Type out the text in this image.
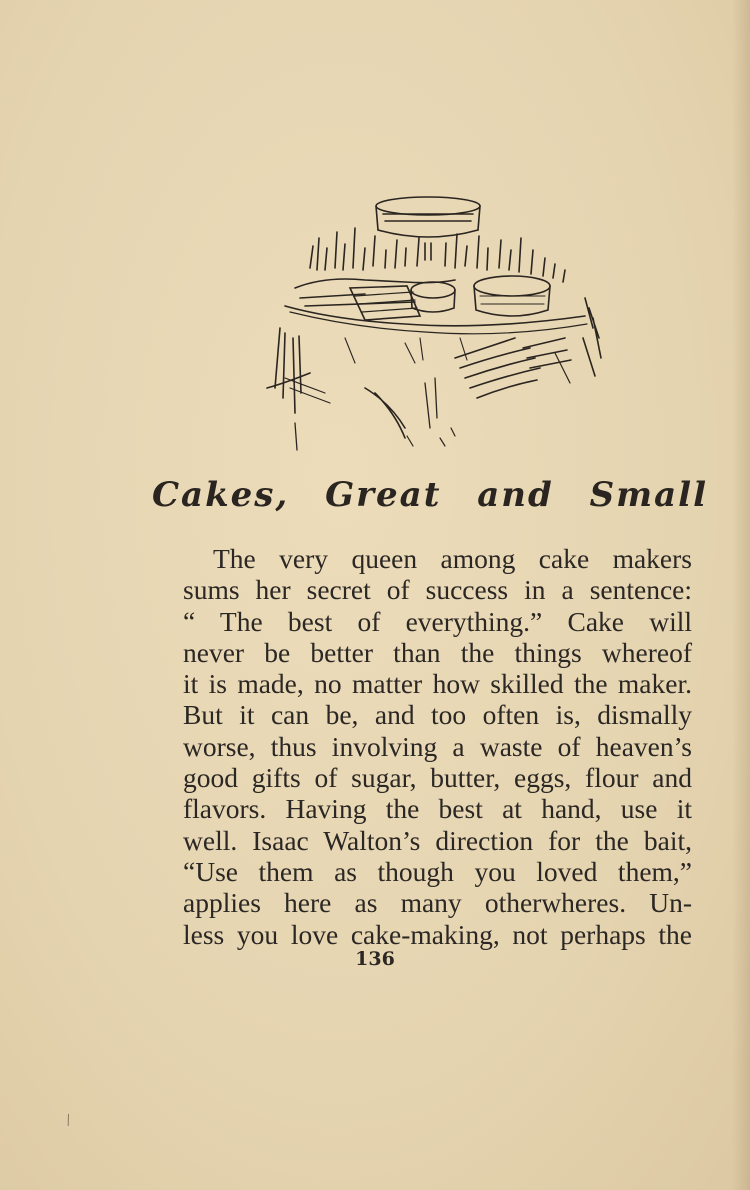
Cakes, Great and Small
The very queen among cake makers
sums her secret of success in a sentence:
“ The best of everything.” Cake will
never be better than the things whereof
it is made, no matter how skilled the maker.
But it can be, and too often is, dismally
worse, thus involving a waste of heaven’s
good gifts of sugar, butter, eggs, flour and
flavors. Having the best at hand, use it
well. Isaac Walton’s direction for the bait,
“Use them as though you loved them,”
applies here as many otherwheres. Un-
less you love cake-making, not perhaps the
136
